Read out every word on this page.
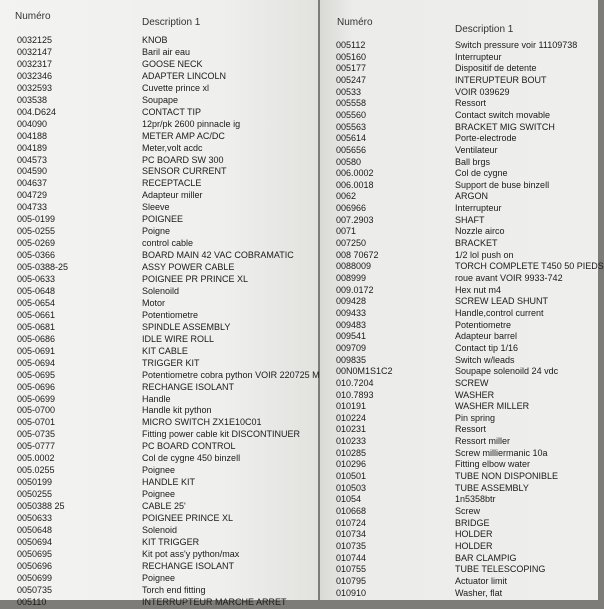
Numéro
Description 1
0032125	KNOB
0032147	Baril air eau
0032317	GOOSE NECK
0032346	ADAPTER LINCOLN
0032593	Cuvette prince xl
003538	Soupape
004.D624	CONTACT TIP
004090	12pr/pk 2600 pinnacle ig
004188	METER AMP AC/DC
004189	Meter,volt acdc
004573	PC BOARD SW 300
004590	SENSOR CURRENT
004637	RECEPTACLE
004729	Adapteur miller
004733	Sleeve
005-0199	POIGNEE
005-0255	Poigne
005-0269	control cable
005-0366	BOARD MAIN 42 VAC COBRAMATIC
005-0388-25	ASSY POWER CABLE
005-0633	POIGNEE PR PRINCE XL
005-0648	Solenoild
005-0654	Motor
005-0661	Potentiometre
005-0681	SPINDLE ASSEMBLY
005-0686	IDLE WIRE ROLL
005-0691	KIT CABLE
005-0694	TRIGGER KIT
005-0695	Potentiometre cobra python VOIR 220725 M
005-0696	RECHANGE ISOLANT
005-0699	Handle
005-0700	Handle kit python
005-0701	MICRO SWITCH ZX1E10C01
005-0735	Fitting power cable kit DISCONTINUER
005-0777	PC BOARD CONTROL
005.0002	Col de cygne 450 binzell
005.0255	Poignee
0050199	HANDLE KIT
0050255	Poignee
0050388 25	CABLE 25'
0050633	POIGNEE PRINCE XL
0050648	Solenoid
0050694	KIT TRIGGER
0050695	Kit pot ass'y python/max
0050696	RECHANGE ISOLANT
0050699	Poignee
0050735	Torch end fitting
005110	INTERRUPTEUR MARCHE ARRET
Numéro
Description 1
005112	Switch pressure voir 11109738
005160	Interrupteur
005177	Dispositif de detente
005247	INTERUPTEUR BOUT
00533	VOIR 039629
005558	Ressort
005560	Contact switch movable
005563	BRACKET MIG SWITCH
005614	Porte-electrode
005656	Ventilateur
00580	Ball brgs
006.0002	Col de cygne
006.0018	Support de buse binzell
0062	ARGON
006966	Interrupteur
007.2903	SHAFT
0071	Nozzle airco
007250	BRACKET
008 70672	1/2 lol push on
0088009	TORCH COMPLETE T450 50 PIEDS
008999	roue avant VOIR 9933-742
009.0172	Hex nut m4
009428	SCREW LEAD SHUNT
009433	Handle,control current
009483	Potentiometre
009541	Adapteur barrel
009709	Contact tip 1/16
009835	Switch w/leads
00N0M1S1C2	Soupape solenoild 24 vdc
010.7204	SCREW
010.7893	WASHER
010191	WASHER MILLER
010224	Pin spring
010231	Ressort
010233	Ressort miller
010285	Screw milliermanic 10a
010296	Fitting elbow water
010501	TUBE NON DISPONIBLE
010503	TUBE ASSEMBLY
01054	1n5358btr
010668	Screw
010724	BRIDGE
010734	HOLDER
010735	HOLDER
010744	BAR CLAMPIG
010755	TUBE TELESCOPING
010795	Actuator limit
010910	Washer, flat
